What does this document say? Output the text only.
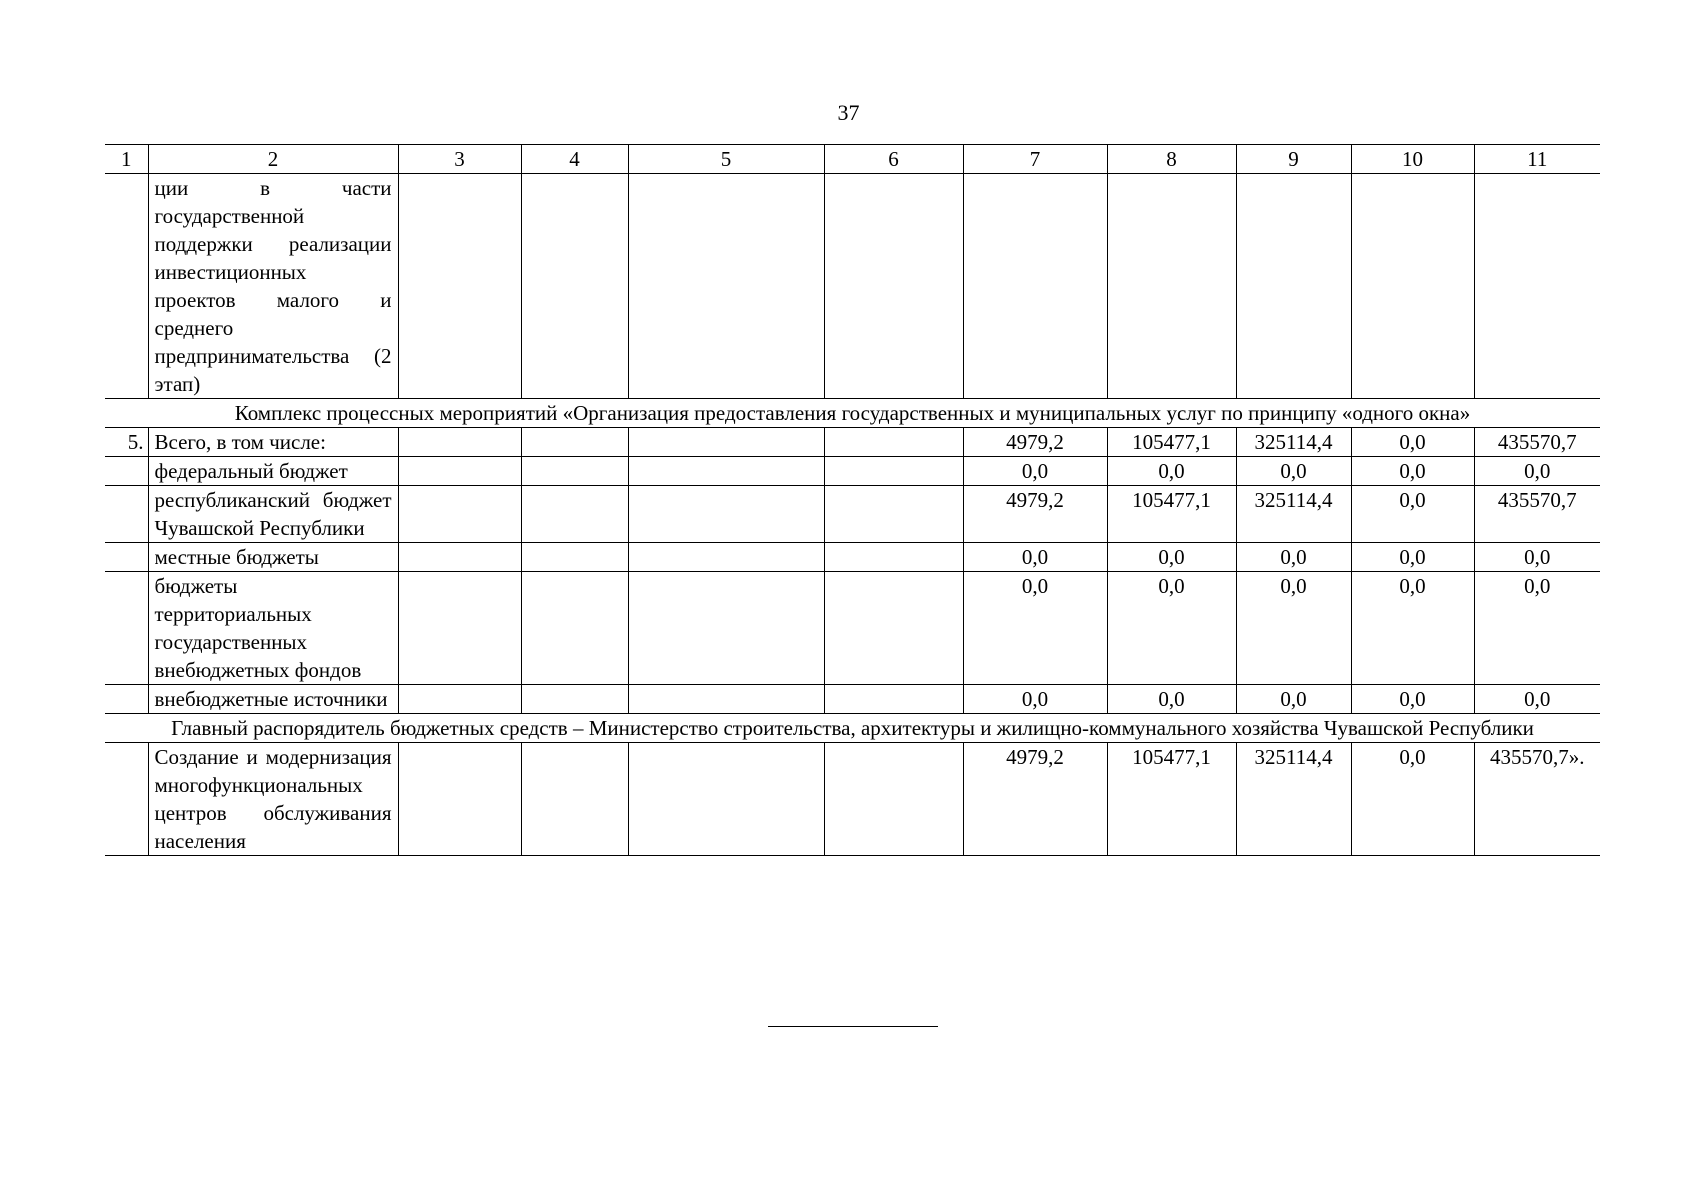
37
1	2	3	4	5	6	7	8	9	10	11
	ции в части государственной поддержки реализации инвестиционных проектов малого и среднего предпринимательства (2 этап)									
Комплекс процессных мероприятий «Организация предоставления государственных и муниципальных услуг по принципу «одного окна»										
5.	Всего, в том числе:					4979,2	105477,1	325114,4	0,0	435570,7
	федеральный бюджет					0,0	0,0	0,0	0,0	0,0
	республиканский бюджет Чувашской Республики					4979,2	105477,1	325114,4	0,0	435570,7
	местные бюджеты					0,0	0,0	0,0	0,0	0,0
	бюджеты территориальных государственных внебюджетных фондов					0,0	0,0	0,0	0,0	0,0
	внебюджетные источники					0,0	0,0	0,0	0,0	0,0
Главный распорядитель бюджетных средств – Министерство строительства, архитектуры и жилищно-коммунального хозяйства Чувашской Республики										
	Создание и модернизация многофункциональных центров обслуживания населения					4979,2	105477,1	325114,4	0,0	435570,7».
